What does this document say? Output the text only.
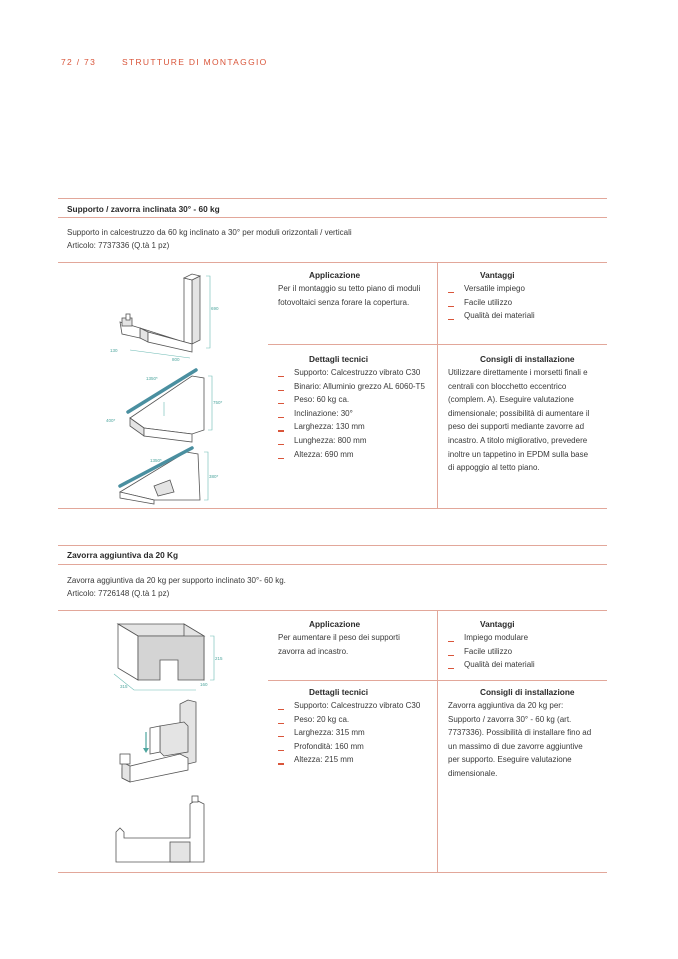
72 / 73	STRUTTURE DI MONTAGGIO
Supporto / zavorra inclinata 30° - 60 kg
Supporto in calcestruzzo da 60 kg inclinato a 30° per moduli orizzontali / verticali
Articolo: 7737336 (Q.tà 1 pz)
690
800
130
1350*
750*
400*
380*
1350*
Applicazione
Per il montaggio su tetto piano di moduli fotovoltaici senza forare la copertura.
Vantaggi
Versatile impiego
Facile utilizzo
Qualità dei materiali
Dettagli tecnici
Supporto: Calcestruzzo vibrato C30
Binario: Alluminio grezzo AL 6060-T5
Peso: 60 kg ca.
Inclinazione: 30°
Larghezza: 130 mm
Lunghezza: 800 mm
Altezza: 690 mm
Consigli di installazione
Utilizzare direttamente i morsetti finali e centrali con blocchetto eccentrico (complem. A). Eseguire valutazione dimensionale; possibilità di aumentare il peso dei supporti mediante zavorre ad incastro. A titolo migliorativo, prevedere inoltre un tappetino in EPDM sulla base di appoggio al tetto piano.
Zavorra aggiuntiva da 20 Kg
Zavorra aggiuntiva da 20 kg per supporto inclinato 30°- 60 kg.
Articolo: 7726148 (Q.tà 1 pz)
215
315	160
Applicazione
Per aumentare il peso dei supporti zavorra ad incastro.
Vantaggi
Impiego modulare
Facile utilizzo
Qualità dei materiali
Dettagli tecnici
Supporto: Calcestruzzo vibrato C30
Peso: 20 kg ca.
Larghezza: 315 mm
Profondità: 160 mm
Altezza: 215 mm
Consigli di installazione
Zavorra aggiuntiva da 20 kg per: Supporto / zavorra 30° - 60 kg (art. 7737336). Possibilità di installare fino ad un massimo di due zavorre aggiuntive per supporto. Eseguire valutazione dimensionale.
